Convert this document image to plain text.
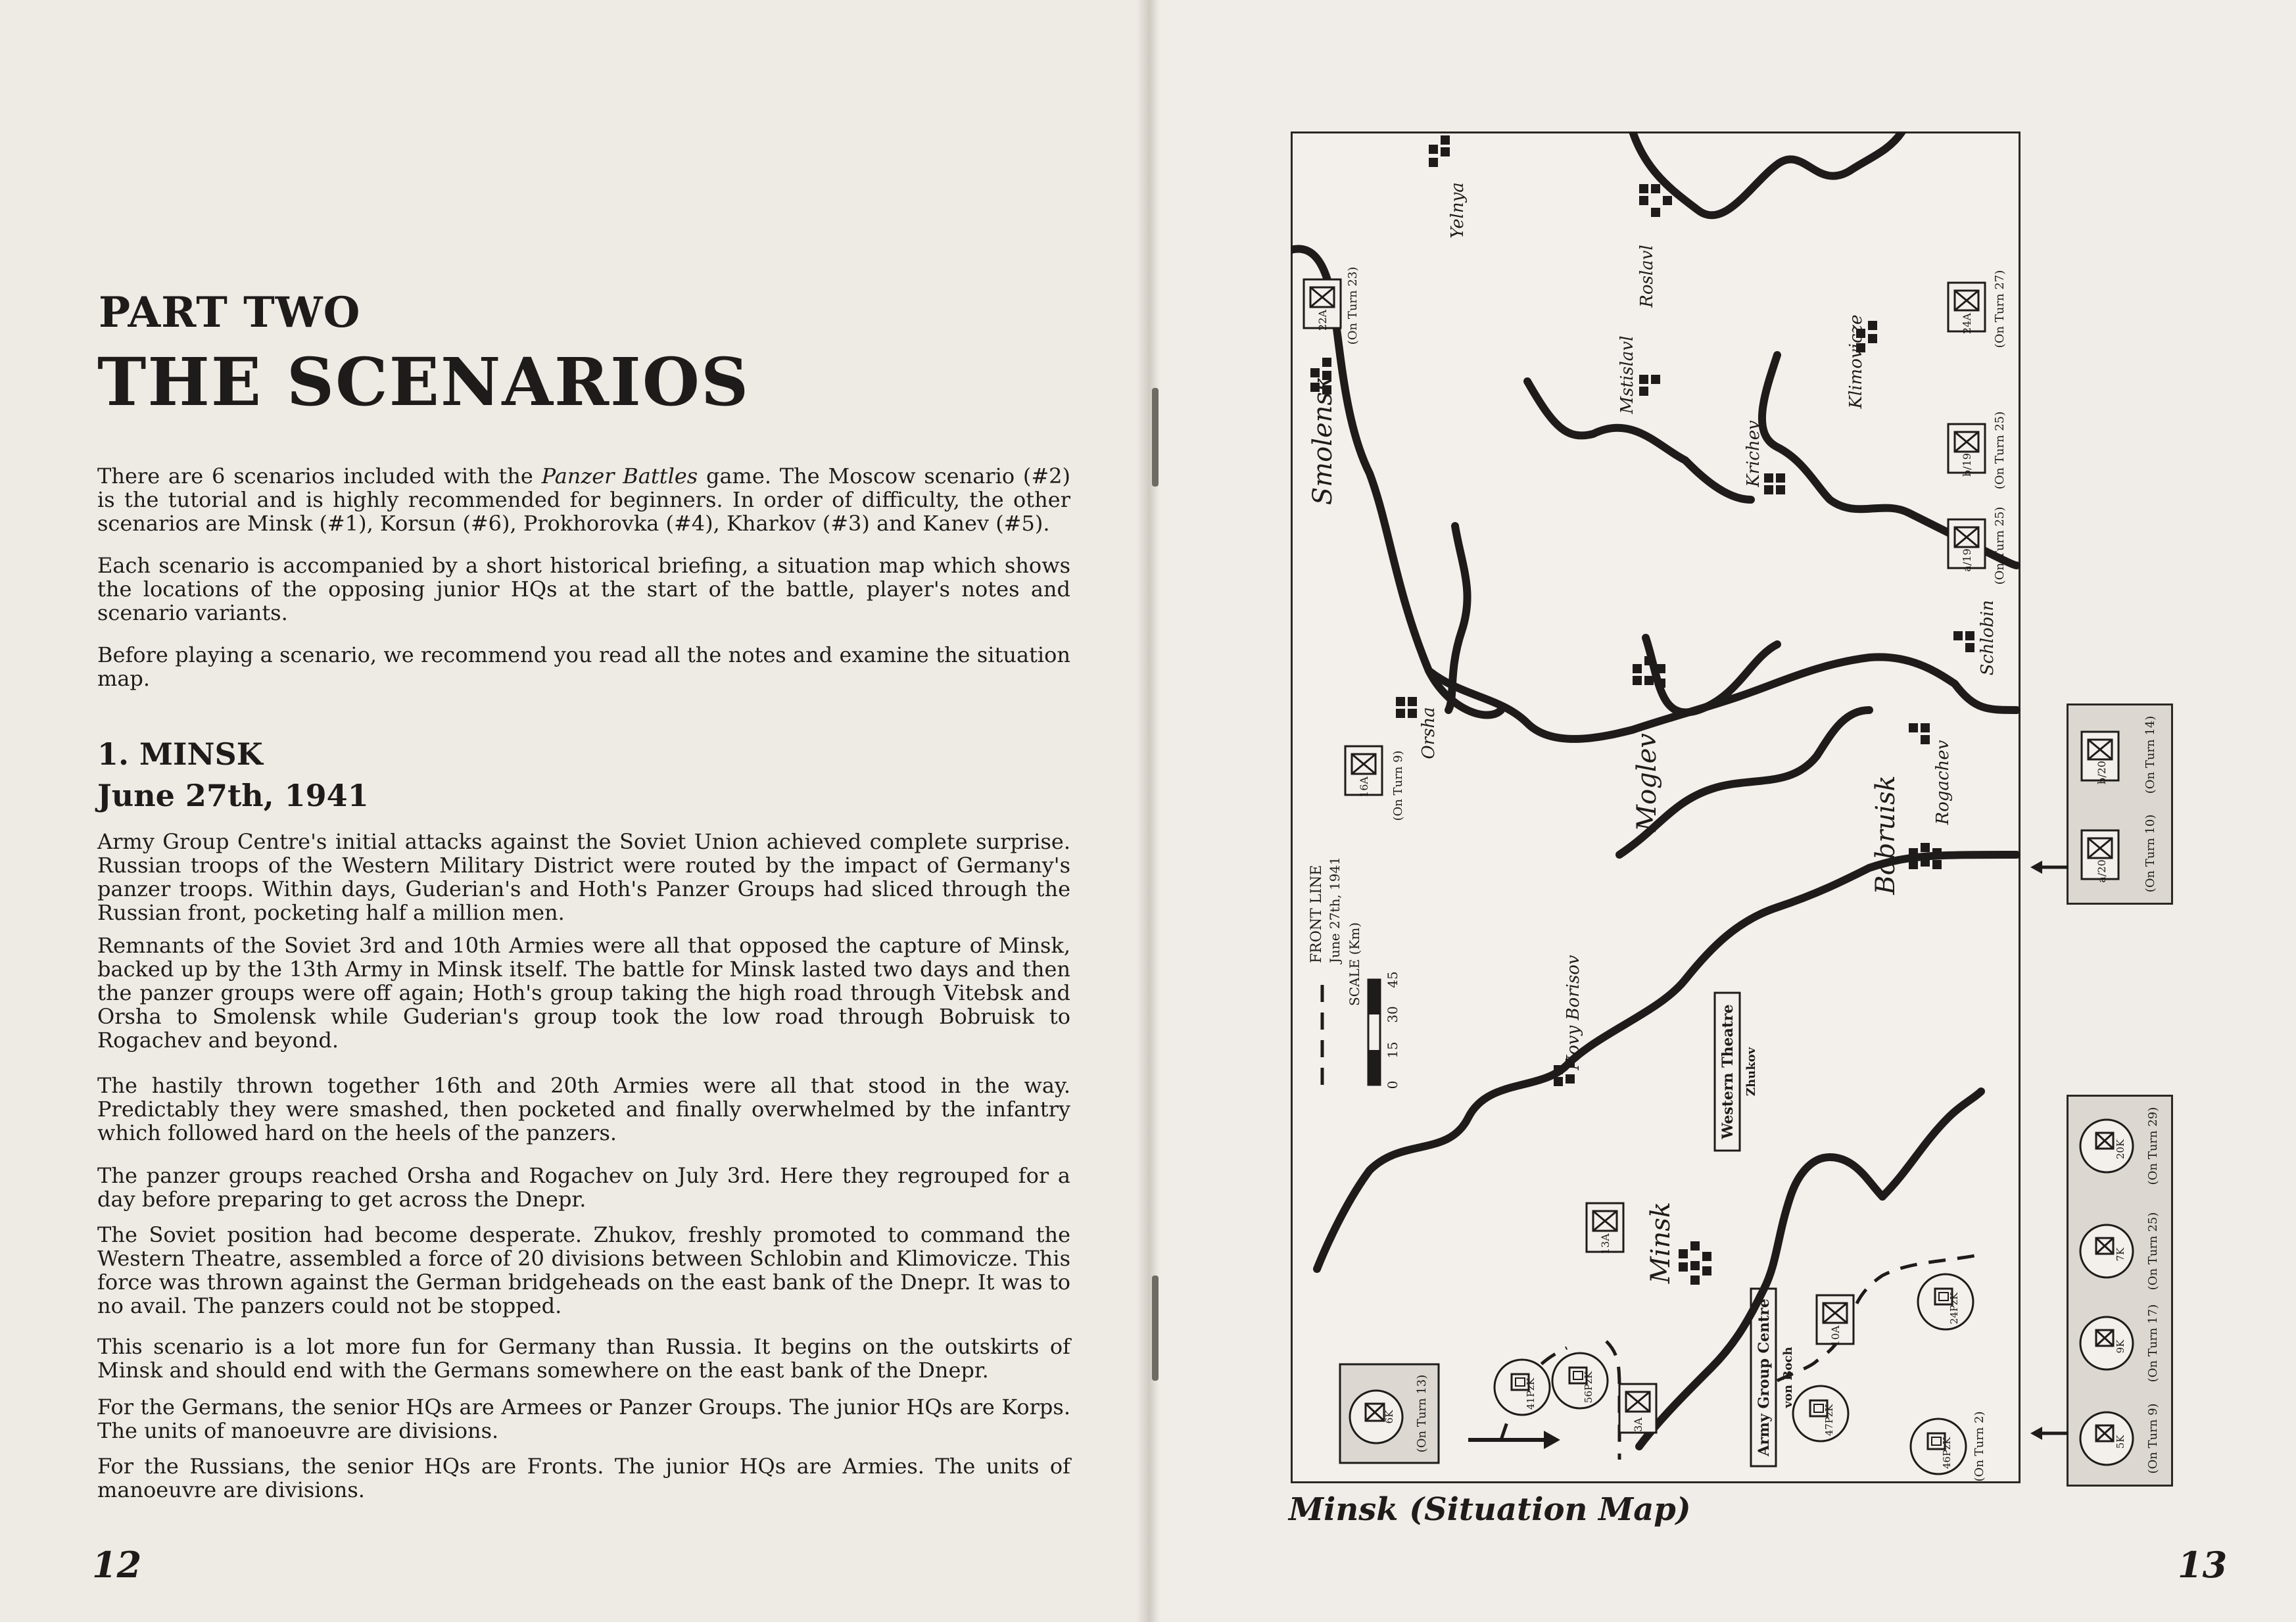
PART TWO
THE SCENARIOS
There are 6 scenarios included with the Panzer Battles game. The Moscow scenario (#2) is the tutorial and is highly recommended for beginners. In order of difficulty, the other scenarios are Minsk (#1), Korsun (#6), Prokhorovka (#4), Kharkov (#3) and Kanev (#5).
Each scenario is accompanied by a short historical briefing, a situation map which shows the locations of the opposing junior HQs at the start of the battle, player's notes and scenario variants.
Before playing a scenario, we recommend you read all the notes and examine the situation map.
1. MINSK
June 27th, 1941
Army Group Centre's initial attacks against the Soviet Union achieved complete surprise. Russian troops of the Western Military District were routed by the impact of Germany's panzer troops. Within days, Guderian's and Hoth's Panzer Groups had sliced through the Russian front, pocketing half a million men.
Remnants of the Soviet 3rd and 10th Armies were all that opposed the capture of Minsk, backed up by the 13th Army in Minsk itself. The battle for Minsk lasted two days and then the panzer groups were off again; Hoth's group taking the high road through Vitebsk and Orsha to Smolensk while Guderian's group took the low road through Bobruisk to Rogachev and beyond.
The hastily thrown together 16th and 20th Armies were all that stood in the way. Predictably they were smashed, then pocketed and finally overwhelmed by the infantry which followed hard on the heels of the panzers.
The panzer groups reached Orsha and Rogachev on July 3rd. Here they regrouped for a day before preparing to get across the Dnepr.
The Soviet position had become desperate. Zhukov, freshly promoted to command the Western Theatre, assembled a force of 20 divisions between Schlobin and Klimovicze. This force was thrown against the German bridgeheads on the east bank of the Dnepr. It was to no avail. The panzers could not be stopped.
This scenario is a lot more fun for Germany than Russia. It begins on the outskirts of Minsk and should end with the Germans somewhere on the east bank of the Dnepr.
For the Germans, the senior HQs are Armees or Panzer Groups. The junior HQs are Korps. The units of manoeuvre are divisions.
For the Russians, the senior HQs are Fronts. The junior HQs are Armies. The units of manoeuvre are divisions.
12
Yelnya
Roslavl
Smolensk
Mstislavl	Klimovicze
Krichev
Schlobin
Orsha
Moglev	Rogachev
Bobruisk
Novy Borisov
Minsk
FRONT LINE June 27th, 1941
SCALE (Km)
0
15
30
45
Western Theatre Zhukov
Army Group Centre von Boch
22A (On Turn 23)	24A (On Turn 27)
b/19 (On Turn 25)
a/19 (On Turn 25)
16A (On Turn 9)
13A
3A
10A
41PzK	56PzK
24PzK
47PzK
46PzK (On Turn 2)
6K (On Turn 13)
b/20
a/20
(On Turn 14)
(On Turn 10)
20K
7K
9K
5K
(On Turn 29)
(On Turn 25)
(On Turn 17)
(On Turn 9)
Minsk (Situation Map)
13
